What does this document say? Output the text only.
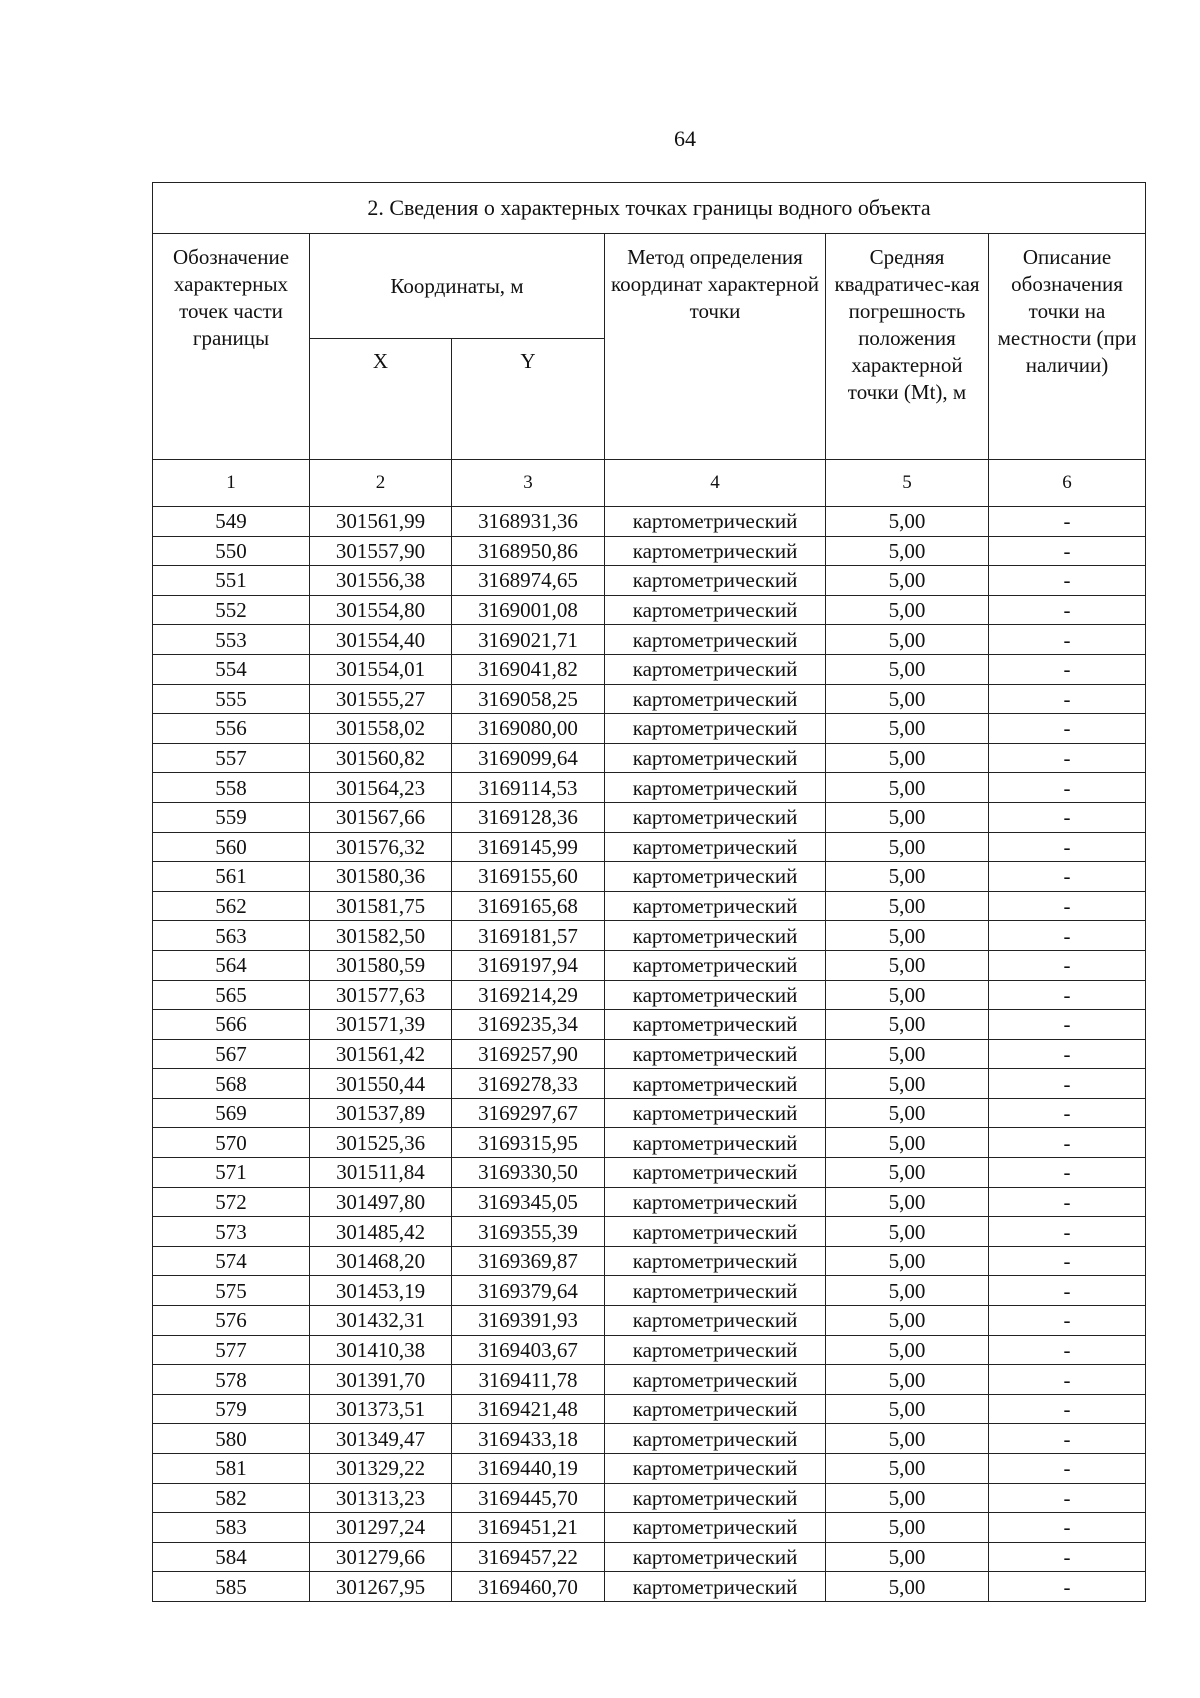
64
2. Сведения о характерных точках границы водного объекта					
Обозначение характерных точек части границы	Координаты, м		Метод определения координат характерной точки	Средняя квадратичес-кая погрешность положения характерной точки (Mt), м	Описание обозначения точки на местности (при наличии)
	X	Y			
1	2	3	4	5	6
549	301561,99	3168931,36	картометрический	5,00	-
550	301557,90	3168950,86	картометрический	5,00	-
551	301556,38	3168974,65	картометрический	5,00	-
552	301554,80	3169001,08	картометрический	5,00	-
553	301554,40	3169021,71	картометрический	5,00	-
554	301554,01	3169041,82	картометрический	5,00	-
555	301555,27	3169058,25	картометрический	5,00	-
556	301558,02	3169080,00	картометрический	5,00	-
557	301560,82	3169099,64	картометрический	5,00	-
558	301564,23	3169114,53	картометрический	5,00	-
559	301567,66	3169128,36	картометрический	5,00	-
560	301576,32	3169145,99	картометрический	5,00	-
561	301580,36	3169155,60	картометрический	5,00	-
562	301581,75	3169165,68	картометрический	5,00	-
563	301582,50	3169181,57	картометрический	5,00	-
564	301580,59	3169197,94	картометрический	5,00	-
565	301577,63	3169214,29	картометрический	5,00	-
566	301571,39	3169235,34	картометрический	5,00	-
567	301561,42	3169257,90	картометрический	5,00	-
568	301550,44	3169278,33	картометрический	5,00	-
569	301537,89	3169297,67	картометрический	5,00	-
570	301525,36	3169315,95	картометрический	5,00	-
571	301511,84	3169330,50	картометрический	5,00	-
572	301497,80	3169345,05	картометрический	5,00	-
573	301485,42	3169355,39	картометрический	5,00	-
574	301468,20	3169369,87	картометрический	5,00	-
575	301453,19	3169379,64	картометрический	5,00	-
576	301432,31	3169391,93	картометрический	5,00	-
577	301410,38	3169403,67	картометрический	5,00	-
578	301391,70	3169411,78	картометрический	5,00	-
579	301373,51	3169421,48	картометрический	5,00	-
580	301349,47	3169433,18	картометрический	5,00	-
581	301329,22	3169440,19	картометрический	5,00	-
582	301313,23	3169445,70	картометрический	5,00	-
583	301297,24	3169451,21	картометрический	5,00	-
584	301279,66	3169457,22	картометрический	5,00	-
585	301267,95	3169460,70	картометрический	5,00	-
